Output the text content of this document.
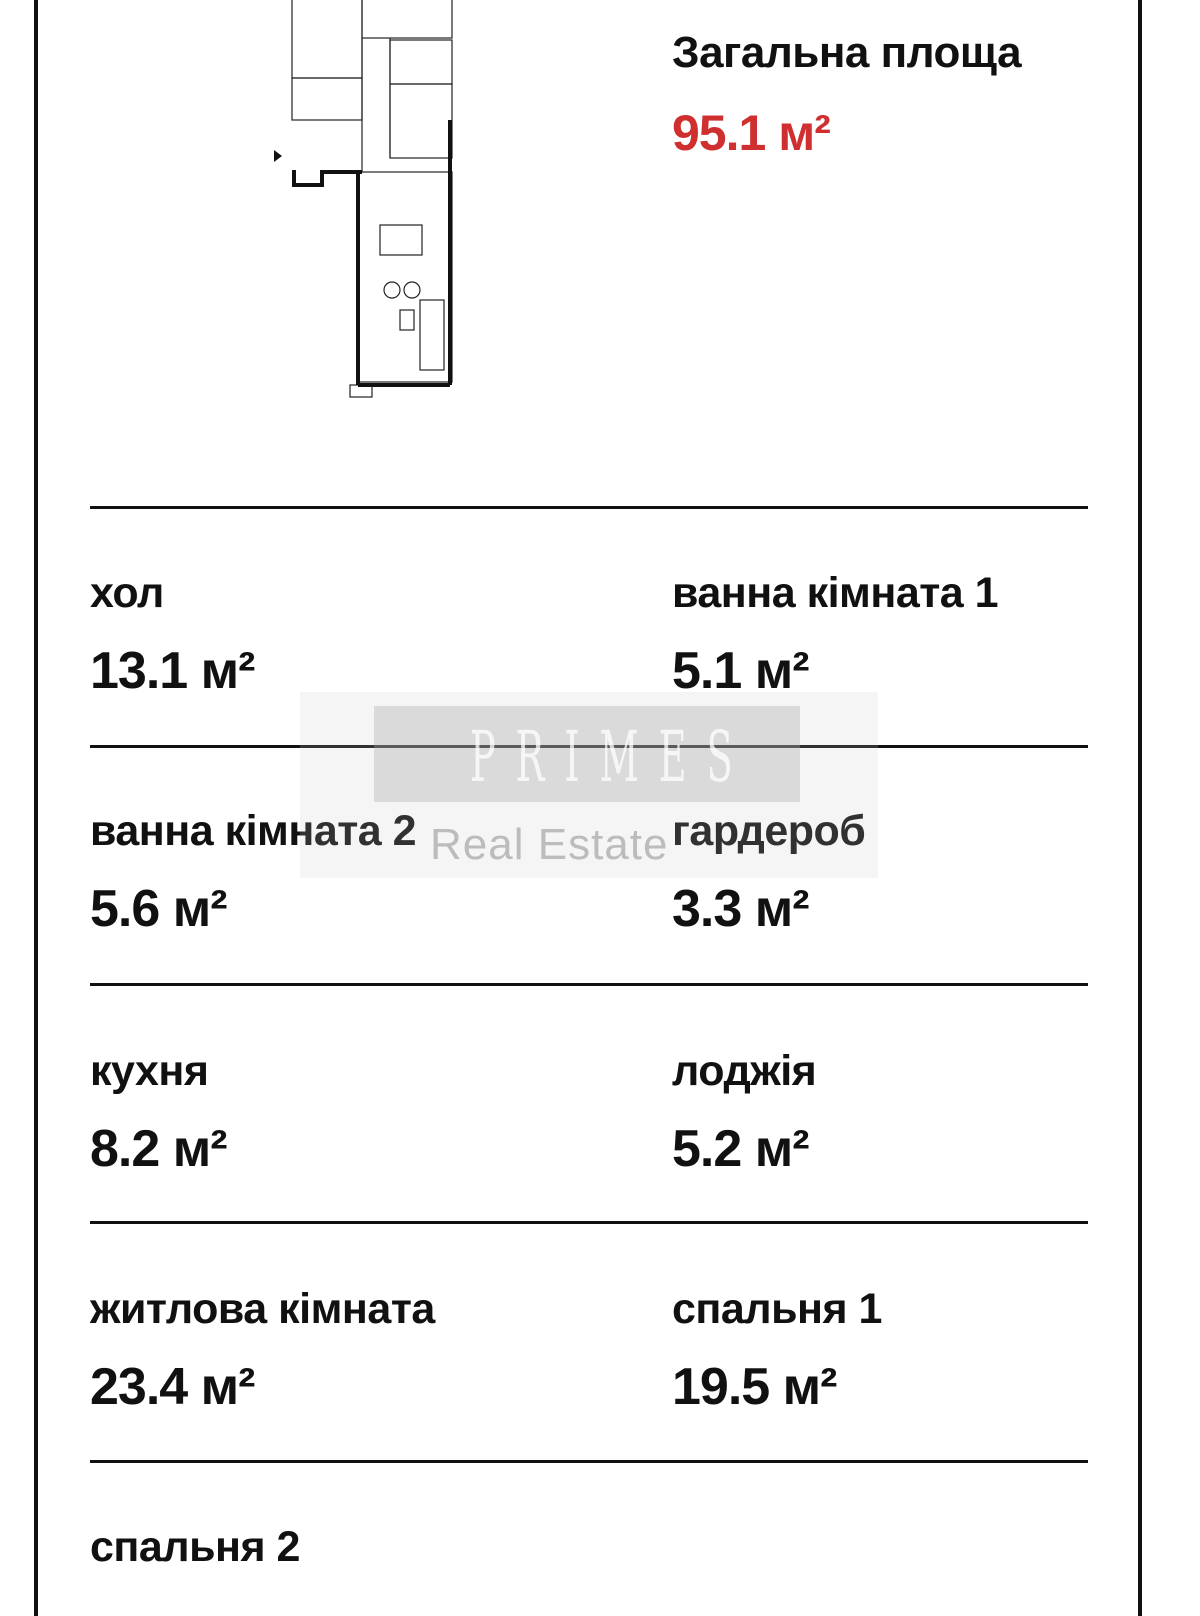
Загальна площа
95.1 м²
хол
13.1 м²
ванна кімната 1
5.1 м²
ванна кімната 2
5.6 м²
гардероб
3.3 м²
кухня
8.2 м²
лоджія
5.2 м²
житлова кімната
23.4 м²
спальня 1
19.5 м²
спальня 2
PRIMES
Real Estate
